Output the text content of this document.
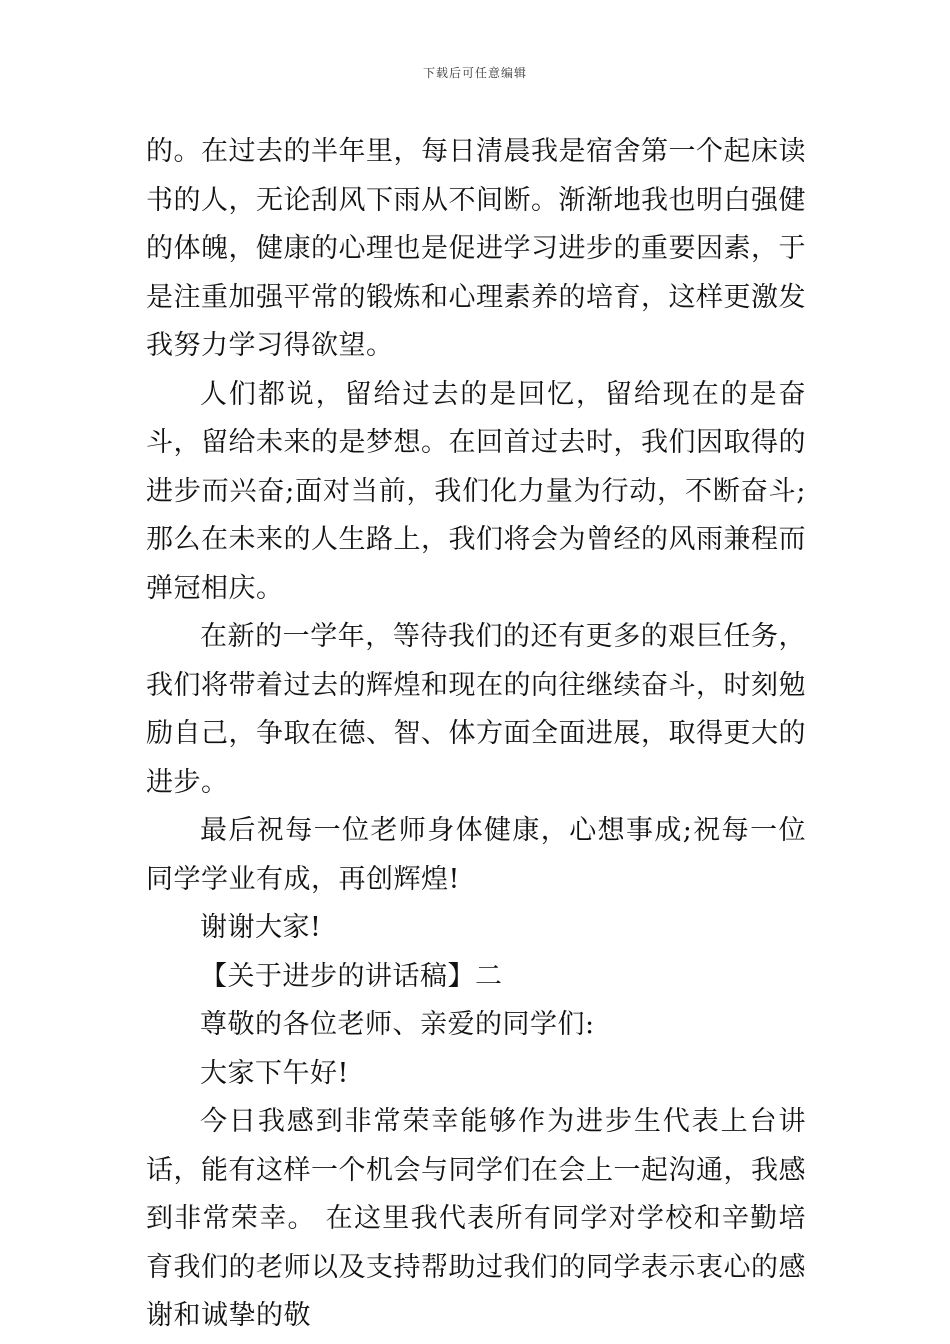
下载后可任意编辑

的。在过去的半年里，每日清晨我是宿舍第一个起床读书的人，无论刮风下雨从不间断。渐渐地我也明白强健的体魄，健康的心理也是促进学习进步的重要因素，于是注重加强平常的锻炼和心理素养的培育，这样更激发我努力学习得欲望。

人们都说，留给过去的是回忆，留给现在的是奋斗，留给未来的是梦想。在回首过去时，我们因取得的进步而兴奋;面对当前，我们化力量为行动，不断奋斗;那么在未来的人生路上，我们将会为曾经的风雨兼程而弹冠相庆。

在新的一学年，等待我们的还有更多的艰巨任务，我们将带着过去的辉煌和现在的向往继续奋斗，时刻勉励自己，争取在德、智、体方面全面进展，取得更大的进步。

最后祝每一位老师身体健康，心想事成;祝每一位同学学业有成，再创辉煌!

谢谢大家!

【关于进步的讲话稿】二

尊敬的各位老师、亲爱的同学们:

大家下午好!

今日我感到非常荣幸能够作为进步生代表上台讲话，能有这样一个机会与同学们在会上一起沟通，我感到非常荣幸。 在这里我代表所有同学对学校和辛勤培育我们的老师以及支持帮助过我们的同学表示衷心的感谢和诚挚的敬
